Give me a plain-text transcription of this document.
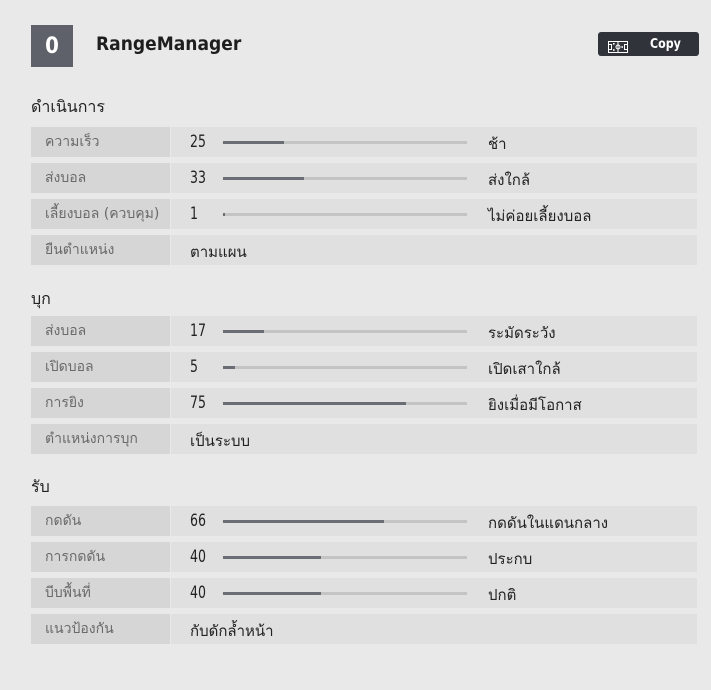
0	RangeManager	Copy
ดำเนินการ
ความเร็ว	25	ช้า
ส่งบอล	33	ส่งใกล้
เลี้ยงบอล (ควบคุม)	1	ไม่ค่อยเลี้ยงบอล
ยืนตำแหน่ง	ตามแผน
บุก
ส่งบอล	17	ระมัดระวัง
เปิดบอล	5	เปิดเสาใกล้
การยิง	75	ยิงเมื่อมีโอกาส
ตำแหน่งการบุก	เป็นระบบ
รับ
กดดัน	66	กดดันในแดนกลาง
การกดดัน	40	ประกบ
บีบพื้นที่	40	ปกติ
แนวป้องกัน	กับดักล้ำหน้า
